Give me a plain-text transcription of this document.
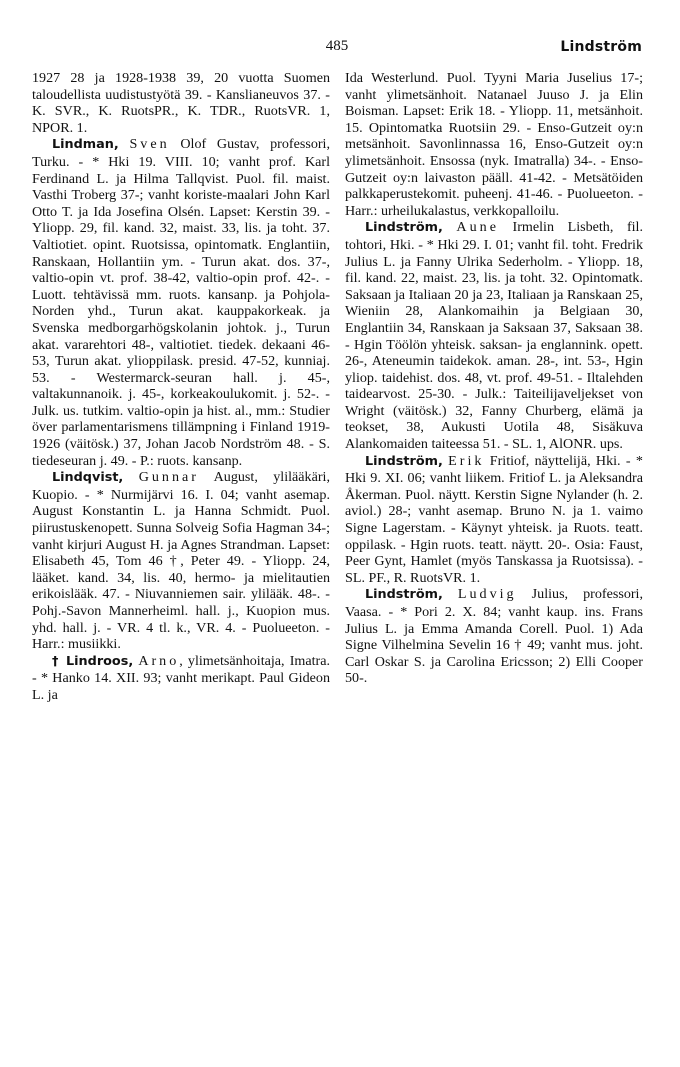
485	Lindström

1927 28 ja 1928-1938 39, 20 vuotta Suomen taloudellista uudistustyötä 39. - Kanslianeuvos 37. - K. SVR., K. RuotsPR., K. TDR., RuotsVR. 1, NPOR. 1.

Lindman, Sven Olof Gustav, professori, Turku. - * Hki 19. VIII. 10; vanht prof. Karl Ferdinand L. ja Hilma Tallqvist. Puol. fil. maist. Vasthi Troberg 37-; vanht koriste-maalari John Karl Otto T. ja Ida Josefina Olsén. Lapset: Kerstin 39. - Yliopp. 29, fil. kand. 32, maist. 33, lis. ja toht. 37. Valtiotiet. opint. Ruotsissa, opintomatk. Englantiin, Ranskaan, Hollantiin ym. - Turun akat. dos. 37-, valtio-opin vt. prof. 38-42, valtio-opin prof. 42-. - Luott. tehtävissä mm. ruots. kansanp. ja Pohjola-Norden yhd., Turun akat. kauppakorkeak. ja Svenska medborgarhögskolanin johtok. j., Turun akat. vararehtori 48-, valtiotiet. tiedek. dekaani 46-53, Turun akat. ylioppilask. presid. 47-52, kunniaj. 53. - Westermarck-seuran hall. j. 45-, valtakunnanoik. j. 45-, korkeakoulukomit. j. 52-. - Julk. us. tutkim. valtio-opin ja hist. al., mm.: Studier över parlamentarismens tillämpning i Finland 1919-1926 (väitösk.) 37, Johan Jacob Nordström 48. - S. tiedeseuran j. 49. - P.: ruots. kansanp.

Lindqvist, Gunnar August, ylilääkäri, Kuopio. - * Nurmijärvi 16. I. 04; vanht asemap. August Konstantin L. ja Hanna Schmidt. Puol. piirustuskenopett. Sunna Solveig Sofia Hagman 34-; vanht kirjuri August H. ja Agnes Strandman. Lapset: Elisabeth 45, Tom 46 †, Peter 49. - Yliopp. 24, lääket. kand. 34, lis. 40, hermo- ja mielitautien erikoislääk. 47. - Niuvanniemen sair. ylilääk. 48-. - Pohj.-Savon Mannerheiml. hall. j., Kuopion mus. yhd. hall. j. - VR. 4 tl. k., VR. 4. - Puolueeton. - Harr.: musiikki.

† Lindroos, Arno, ylimetsänhoitaja, Imatra. - * Hanko 14. XII. 93; vanht merikapt. Paul Gideon L. ja

Ida Westerlund. Puol. Tyyni Maria Juselius 17-; vanht ylimetsänhoit. Natanael Juuso J. ja Elin Boisman. Lapset: Erik 18. - Yliopp. 11, metsänhoit. 15. Opintomatka Ruotsiin 29. - Enso-Gutzeit oy:n metsänhoit. Savonlinnassa 16, Enso-Gutzeit oy:n ylimetsänhoit. Ensossa (nyk. Imatralla) 34-. - Enso-Gutzeit oy:n laivaston pääll. 41-42. - Metsätöiden palkkaperustekomit. puheenj. 41-46. - Puolueeton. - Harr.: urheilukalastus, verkkopalloilu.

Lindström, Aune Irmelin Lisbeth, fil. tohtori, Hki. - * Hki 29. I. 01; vanht fil. toht. Fredrik Julius L. ja Fanny Ulrika Sederholm. - Yliopp. 18, fil. kand. 22, maist. 23, lis. ja toht. 32. Opintomatk. Saksaan ja Italiaan 20 ja 23, Italiaan ja Ranskaan 25, Wieniin 28, Alankomaihin ja Belgiaan 30, Englantiin 34, Ranskaan ja Saksaan 37, Saksaan 38. - Hgin Töölön yhteisk. saksan- ja englannink. opett. 26-, Ateneumin taidekok. aman. 28-, int. 53-, Hgin yliop. taidehist. dos. 48, vt. prof. 49-51. - Iltalehden taidearvost. 25-30. - Julk.: Taiteilijaveljekset von Wright (väitösk.) 32, Fanny Churberg, elämä ja teokset, 38, Aukusti Uotila 48, Sisäkuva Alankomaiden taiteessa 51. - SL. 1, AlONR. ups.

Lindström, Erik Fritiof, näyttelijä, Hki. - * Hki 9. XI. 06; vanht liikem. Fritiof L. ja Aleksandra Åkerman. Puol. näytt. Kerstin Signe Nylander (h. 2. aviol.) 28-; vanht asemap. Bruno N. ja 1. vaimo Signe Lagerstam. - Käynyt yhteisk. ja Ruots. teatt. oppilask. - Hgin ruots. teatt. näytt. 20-. Osia: Faust, Peer Gynt, Hamlet (myös Tanskassa ja Ruotsissa). - SL. PF., R. RuotsVR. 1.

Lindström, Ludvig Julius, professori, Vaasa. - * Pori 2. X. 84; vanht kaup. ins. Frans Julius L. ja Emma Amanda Corell. Puol. 1) Ada Signe Vilhelmina Sevelin 16 † 49; vanht mus. joht. Carl Oskar S. ja Carolina Ericsson; 2) Elli Cooper 50-.
